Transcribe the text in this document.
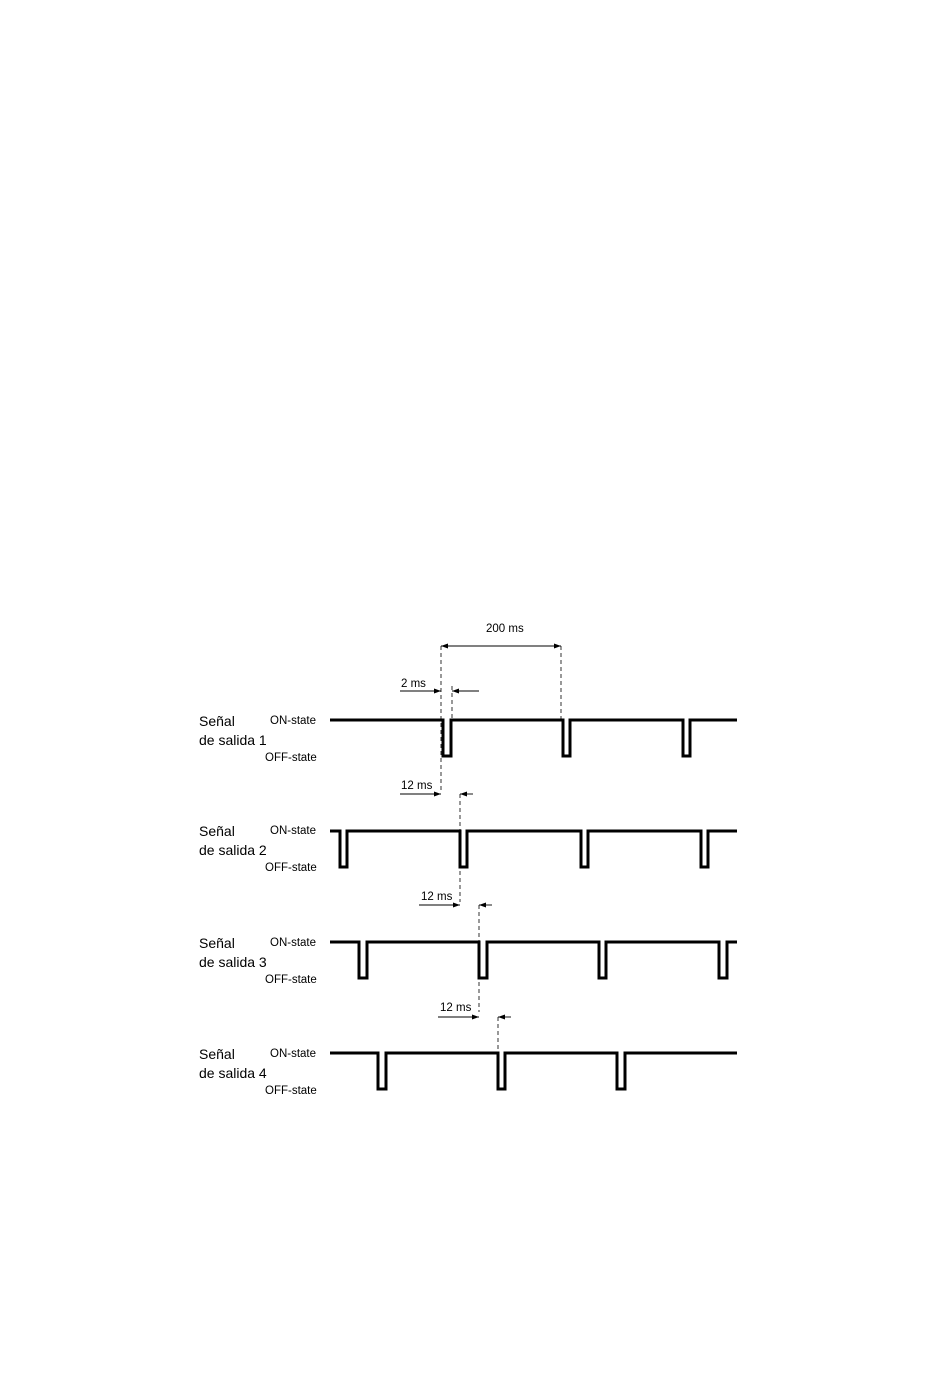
Señal
de salida 1
ON-state
OFF-state
Señal
de salida 2
ON-state
OFF-state
Señal
de salida 3
ON-state
OFF-state
Señal
de salida 4
ON-state
OFF-state
200 ms
2 ms
12 ms
12 ms
12 ms
